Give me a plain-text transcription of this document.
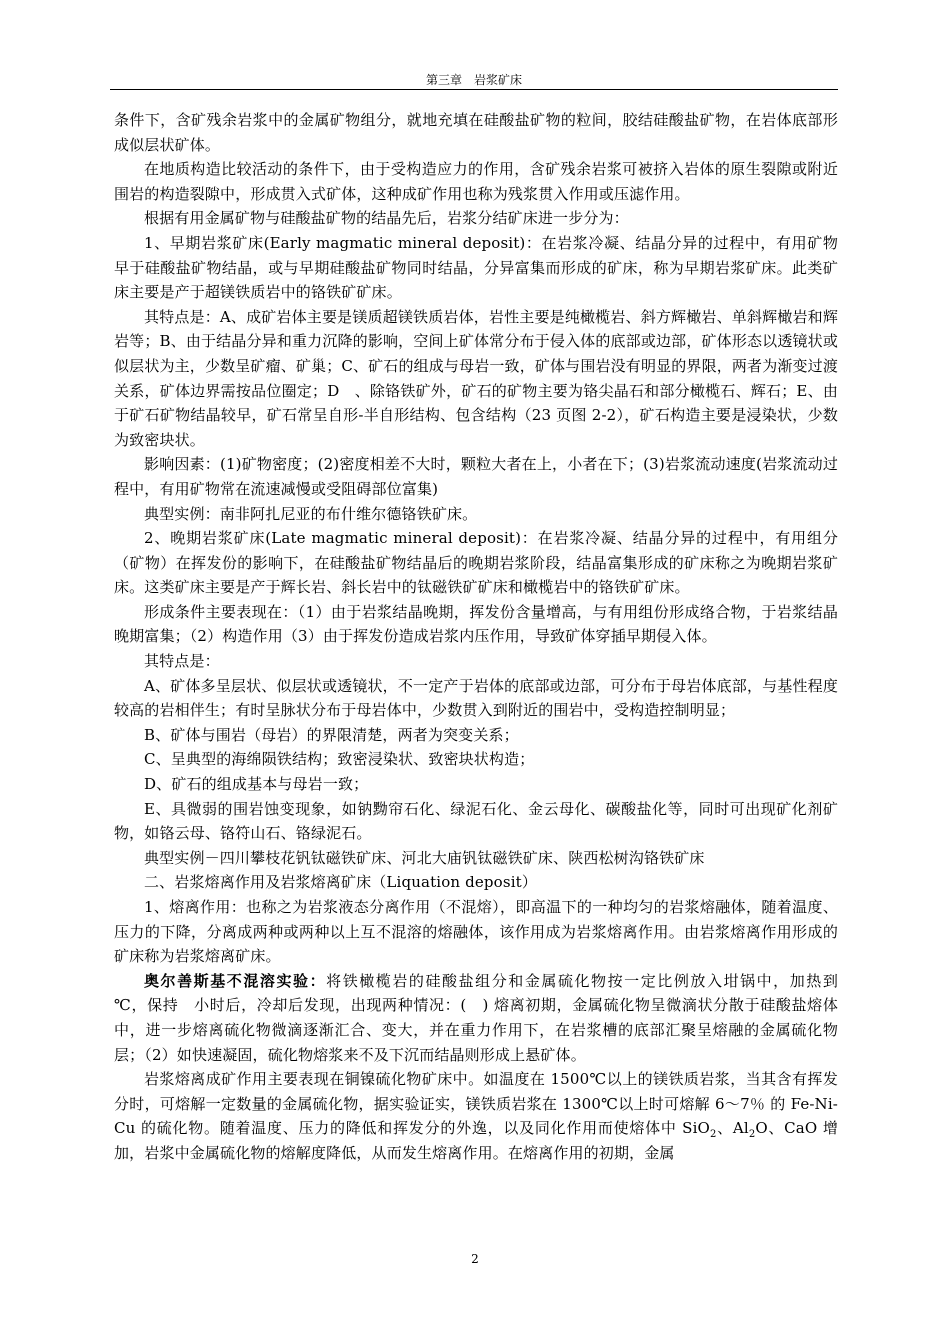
第三章　岩浆矿床

条件下，含矿残余岩浆中的金属矿物组分，就地充填在硅酸盐矿物的粒间，胶结硅酸盐矿物，在岩体底部形成似层状矿体。

在地质构造比较活动的条件下，由于受构造应力的作用，含矿残余岩浆可被挤入岩体的原生裂隙或附近围岩的构造裂隙中，形成贯入式矿体，这种成矿作用也称为残浆贯入作用或压滤作用。

根据有用金属矿物与硅酸盐矿物的结晶先后，岩浆分结矿床进一步分为：

1、早期岩浆矿床(Early magmatic mineral deposit)：在岩浆冷凝、结晶分异的过程中，有用矿物早于硅酸盐矿物结晶，或与早期硅酸盐矿物同时结晶，分异富集而形成的矿床，称为早期岩浆矿床。此类矿床主要是产于超镁铁质岩中的铬铁矿矿床。

其特点是：A、成矿岩体主要是镁质超镁铁质岩体，岩性主要是纯橄榄岩、斜方辉橄岩、单斜辉橄岩和辉岩等；B、由于结晶分异和重力沉降的影响，空间上矿体常分布于侵入体的底部或边部，矿体形态以透镜状或似层状为主，少数呈矿瘤、矿巢；C、矿石的组成与母岩一致，矿体与围岩没有明显的界限，两者为渐变过渡关系，矿体边界需按品位圈定；D　、除铬铁矿外，矿石的矿物主要为铬尖晶石和部分橄榄石、辉石；E、由于矿石矿物结晶较早，矿石常呈自形-半自形结构、包含结构（23 页图 2-2），矿石构造主要是浸染状，少数为致密块状。

影响因素：(1)矿物密度；(2)密度相差不大时，颗粒大者在上，小者在下；(3)岩浆流动速度(岩浆流动过程中，有用矿物常在流速减慢或受阻碍部位富集)

典型实例：南非阿扎尼亚的布什维尔德铬铁矿床。

2、晚期岩浆矿床(Late magmatic mineral deposit)：在岩浆冷凝、结晶分异的过程中，有用组分（矿物）在挥发份的影响下，在硅酸盐矿物结晶后的晚期岩浆阶段，结晶富集形成的矿床称之为晚期岩浆矿床。这类矿床主要是产于辉长岩、斜长岩中的钛磁铁矿矿床和橄榄岩中的铬铁矿矿床。

形成条件主要表现在：（1）由于岩浆结晶晚期，挥发份含量增高，与有用组份形成络合物，于岩浆结晶晚期富集；（2）构造作用（3）由于挥发份造成岩浆内压作用，导致矿体穿插早期侵入体。

其特点是：

A、矿体多呈层状、似层状或透镜状，不一定产于岩体的底部或边部，可分布于母岩体底部，与基性程度较高的岩相伴生；有时呈脉状分布于母岩体中，少数贯入到附近的围岩中，受构造控制明显；

B、矿体与围岩（母岩）的界限清楚，两者为突变关系；

C、呈典型的海绵陨铁结构；致密浸染状、致密块状构造；

D、矿石的组成基本与母岩一致；

E、具微弱的围岩蚀变现象，如钠黝帘石化、绿泥石化、金云母化、碳酸盐化等，同时可出现矿化剂矿物，如铬云母、铬符山石、铬绿泥石。

典型实例－四川攀枝花钒钛磁铁矿床、河北大庙钒钛磁铁矿床、陕西松树沟铬铁矿床

二、岩浆熔离作用及岩浆熔离矿床（Liquation deposit）

1、熔离作用：也称之为岩浆液态分离作用（不混熔），即高温下的一种均匀的岩浆熔融体，随着温度、压力的下降，分离成两种或两种以上互不混溶的熔融体，该作用成为岩浆熔离作用。由岩浆熔离作用形成的矿床称为岩浆熔离矿床。

奥尔善斯基不混溶实验：将铁橄榄岩的硅酸盐组分和金属硫化物按一定比例放入坩锅中，加热到　　℃，保持　小时后，冷却后发现，出现两种情况：(　) 熔离初期，金属硫化物呈微滴状分散于硅酸盐熔体中，进一步熔离硫化物微滴逐渐汇合、变大，并在重力作用下，在岩浆槽的底部汇聚呈熔融的金属硫化物层；（2）如快速凝固，硫化物熔浆来不及下沉而结晶则形成上悬矿体。

岩浆熔离成矿作用主要表现在铜镍硫化物矿床中。如温度在 1500℃以上的镁铁质岩浆，当其含有挥发分时，可熔解一定数量的金属硫化物，据实验证实，镁铁质岩浆在 1300℃以上时可熔解 6～7％ 的 Fe-Ni-Cu 的硫化物。随着温度、压力的降低和挥发分的外逸，以及同化作用而使熔体中 SiO$_2$、$Al_2O$、CaO 增加，岩浆中金属硫化物的熔解度降低，从而发生熔离作用。在熔离作用的初期，金属

2
